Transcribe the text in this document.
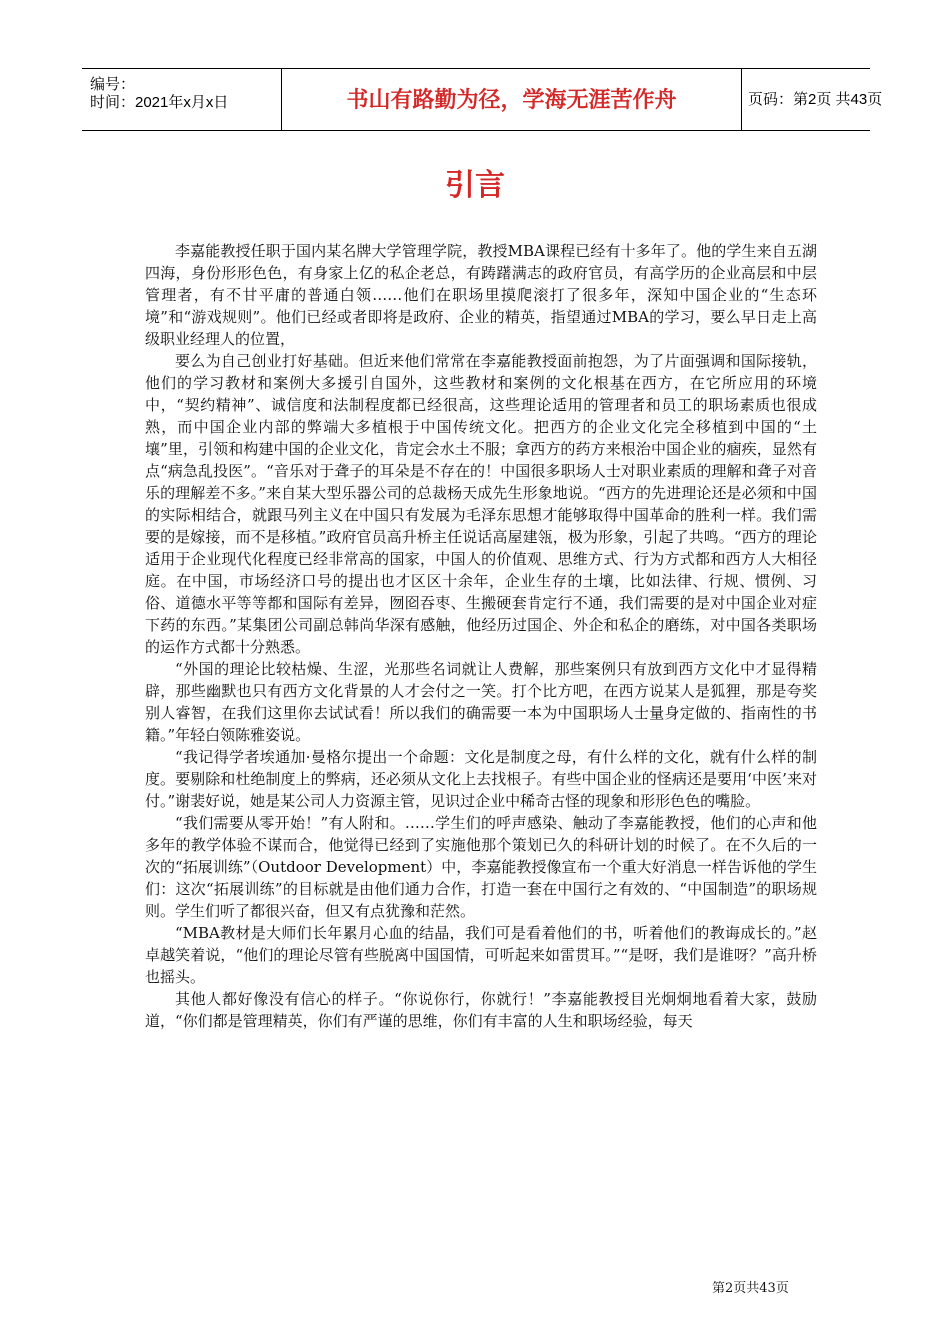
编号：
时间：2021年x月x日	书山有路勤为径，学海无涯苦作舟	页码：第2页 共43页
引言

李嘉能教授任职于国内某名牌大学管理学院，教授MBA课程已经有十多年了。他的学生来自五湖四海，身份形形色色，有身家上亿的私企老总，有踌躇满志的政府官员，有高学历的企业高层和中层管理者，有不甘平庸的普通白领……他们在职场里摸爬滚打了很多年，深知中国企业的“生态环境”和“游戏规则”。他们已经或者即将是政府、企业的精英，指望通过MBA的学习，要么早日走上高级职业经理人的位置，

要么为自己创业打好基础。但近来他们常常在李嘉能教授面前抱怨，为了片面强调和国际接轨，他们的学习教材和案例大多援引自国外，这些教材和案例的文化根基在西方，在它所应用的环境中，“契约精神”、诚信度和法制程度都已经很高，这些理论适用的管理者和员工的职场素质也很成熟，而中国企业内部的弊端大多植根于中国传统文化。把西方的企业文化完全移植到中国的“土壤”里，引领和构建中国的企业文化，肯定会水土不服；拿西方的药方来根治中国企业的痼疾，显然有点“病急乱投医”。“音乐对于聋子的耳朵是不存在的！中国很多职场人士对职业素质的理解和聋子对音乐的理解差不多。”来自某大型乐器公司的总裁杨天成先生形象地说。“西方的先进理论还是必须和中国的实际相结合，就跟马列主义在中国只有发展为毛泽东思想才能够取得中国革命的胜利一样。我们需要的是嫁接，而不是移植。”政府官员高升桥主任说话高屋建瓴，极为形象，引起了共鸣。“西方的理论适用于企业现代化程度已经非常高的国家，中国人的价值观、思维方式、行为方式都和西方人大相径庭。在中国，市场经济口号的提出也才区区十余年，企业生存的土壤，比如法律、行规、惯例、习俗、道德水平等等都和国际有差异，囫囵吞枣、生搬硬套肯定行不通，我们需要的是对中国企业对症下药的东西。”某集团公司副总韩尚华深有感触，他经历过国企、外企和私企的磨练，对中国各类职场的运作方式都十分熟悉。

“外国的理论比较枯燥、生涩，光那些名词就让人费解，那些案例只有放到西方文化中才显得精辟，那些幽默也只有西方文化背景的人才会付之一笑。打个比方吧，在西方说某人是狐狸，那是夸奖别人睿智，在我们这里你去试试看！所以我们的确需要一本为中国职场人士量身定做的、指南性的书籍。”年轻白领陈雅姿说。

“我记得学者埃通加·曼格尔提出一个命题：文化是制度之母，有什么样的文化，就有什么样的制度。要剔除和杜绝制度上的弊病，还必须从文化上去找根子。有些中国企业的怪病还是要用‘中医’来对付。”谢裴好说，她是某公司人力资源主管，见识过企业中稀奇古怪的现象和形形色色的嘴脸。

“我们需要从零开始！”有人附和。……学生们的呼声感染、触动了李嘉能教授，他们的心声和他多年的教学体验不谋而合，他觉得已经到了实施他那个策划已久的科研计划的时候了。在不久后的一次的“拓展训练”（Outdoor Development）中，李嘉能教授像宣布一个重大好消息一样告诉他的学生们：这次“拓展训练”的目标就是由他们通力合作，打造一套在中国行之有效的、“中国制造”的职场规则。学生们听了都很兴奋，但又有点犹豫和茫然。

“MBA教材是大师们长年累月心血的结晶，我们可是看着他们的书，听着他们的教诲成长的。”赵卓越笑着说，“他们的理论尽管有些脱离中国国情，可听起来如雷贯耳。”“是呀，我们是谁呀？”高升桥也摇头。

其他人都好像没有信心的样子。“你说你行，你就行！”李嘉能教授目光炯炯地看着大家，鼓励道，“你们都是管理精英，你们有严谨的思维，你们有丰富的人生和职场经验，每天

第2页共43页
